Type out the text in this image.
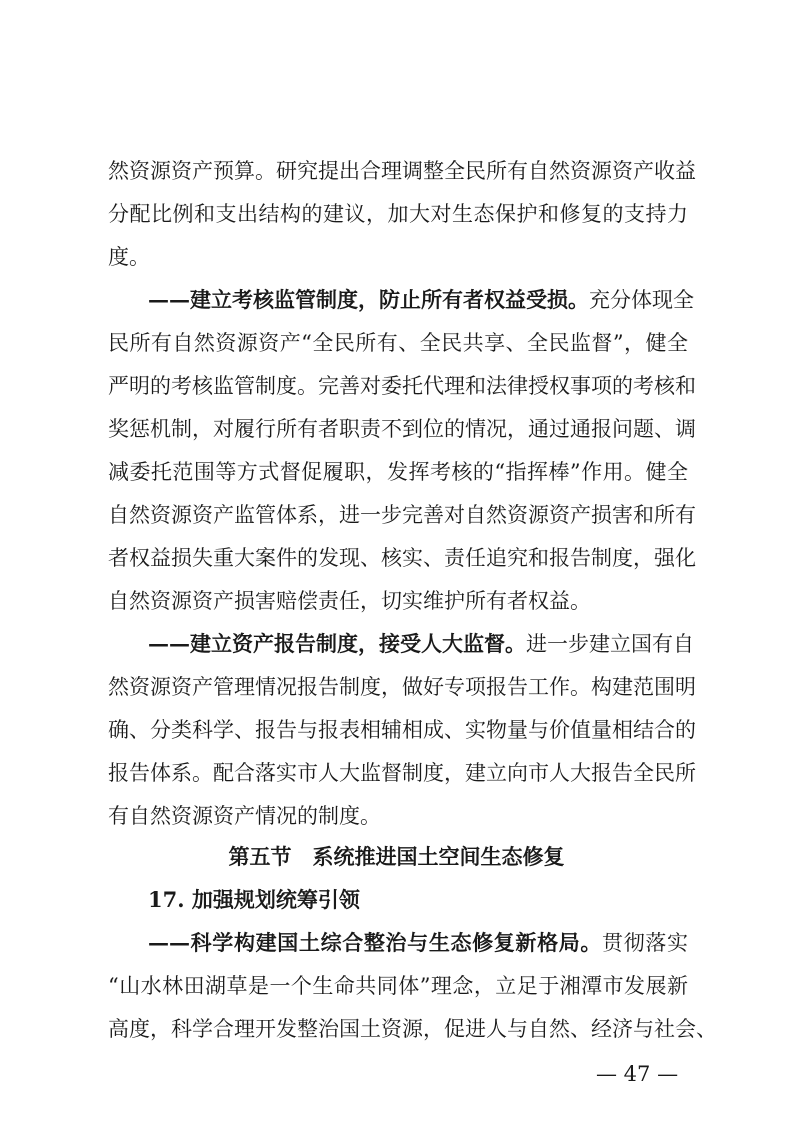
然资源资产预算。研究提出合理调整全民所有自然资源资产收益
分配比例和支出结构的建议，加大对生态保护和修复的支持力
度。
——建立考核监管制度，防止所有者权益受损。充分体现全
民所有自然资源资产“全民所有、全民共享、全民监督”，健全
严明的考核监管制度。完善对委托代理和法律授权事项的考核和
奖惩机制，对履行所有者职责不到位的情况，通过通报问题、调
减委托范围等方式督促履职，发挥考核的“指挥棒”作用。健全
自然资源资产监管体系，进一步完善对自然资源资产损害和所有
者权益损失重大案件的发现、核实、责任追究和报告制度，强化
自然资源资产损害赔偿责任，切实维护所有者权益。
——建立资产报告制度，接受人大监督。进一步建立国有自
然资源资产管理情况报告制度，做好专项报告工作。构建范围明
确、分类科学、报告与报表相辅相成、实物量与价值量相结合的
报告体系。配合落实市人大监督制度，建立向市人大报告全民所
有自然资源资产情况的制度。
第五节　系统推进国土空间生态修复
17. 加强规划统筹引领
——科学构建国土综合整治与生态修复新格局。贯彻落实
“山水林田湖草是一个生命共同体”理念，立足于湘潭市发展新
高度，科学合理开发整治国土资源，促进人与自然、经济与社会、
— 47 —
